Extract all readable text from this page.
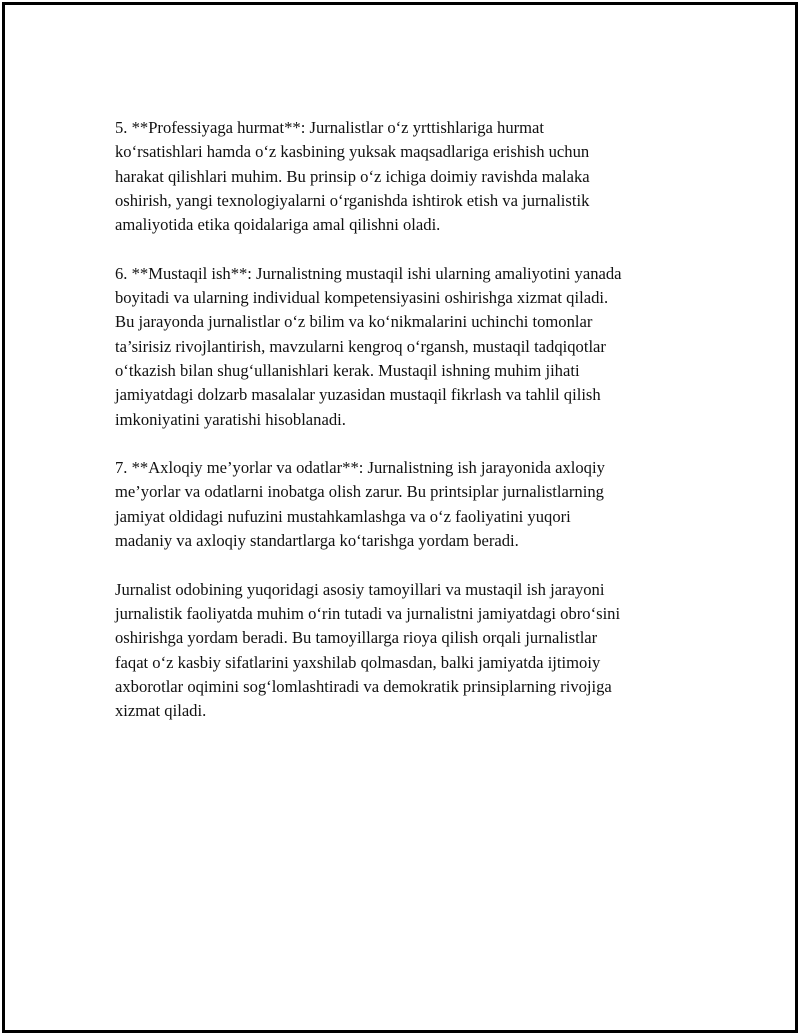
5. **Professiyaga hurmat**: Jurnalistlar o‘z yrttishlariga hurmat
ko‘rsatishlari hamda o‘z kasbining yuksak maqsadlariga erishish uchun
harakat qilishlari muhim. Bu prinsip o‘z ichiga doimiy ravishda malaka
oshirish, yangi texnologiyalarni o‘rganishda ishtirok etish va jurnalistik
amaliyotida etika qoidalariga amal qilishni oladi.

6. **Mustaqil ish**: Jurnalistning mustaqil ishi ularning amaliyotini yanada
boyitadi va ularning individual kompetensiyasini oshirishga xizmat qiladi.
Bu jarayonda jurnalistlar o‘z bilim va ko‘nikmalarini uchinchi tomonlar
ta’sirisiz rivojlantirish, mavzularni kengroq o‘rgansh, mustaqil tadqiqotlar
o‘tkazish bilan shug‘ullanishlari kerak. Mustaqil ishning muhim jihati
jamiyatdagi dolzarb masalalar yuzasidan mustaqil fikrlash va tahlil qilish
imkoniyatini yaratishi hisoblanadi.

7. **Axloqiy me’yorlar va odatlar**: Jurnalistning ish jarayonida axloqiy
me’yorlar va odatlarni inobatga olish zarur. Bu printsiplar jurnalistlarning
jamiyat oldidagi nufuzini mustahkamlashga va o‘z faoliyatini yuqori
madaniy va axloqiy standartlarga ko‘tarishga yordam beradi.

Jurnalist odobining yuqoridagi asosiy tamoyillari va mustaqil ish jarayoni
jurnalistik faoliyatda muhim o‘rin tutadi va jurnalistni jamiyatdagi obro‘sini
oshirishga yordam beradi. Bu tamoyillarga rioya qilish orqali jurnalistlar
faqat o‘z kasbiy sifatlarini yaxshilab qolmasdan, balki jamiyatda ijtimoiy
axborotlar oqimini sog‘lomlashtiradi va demokratik prinsiplarning rivojiga
xizmat qiladi.
